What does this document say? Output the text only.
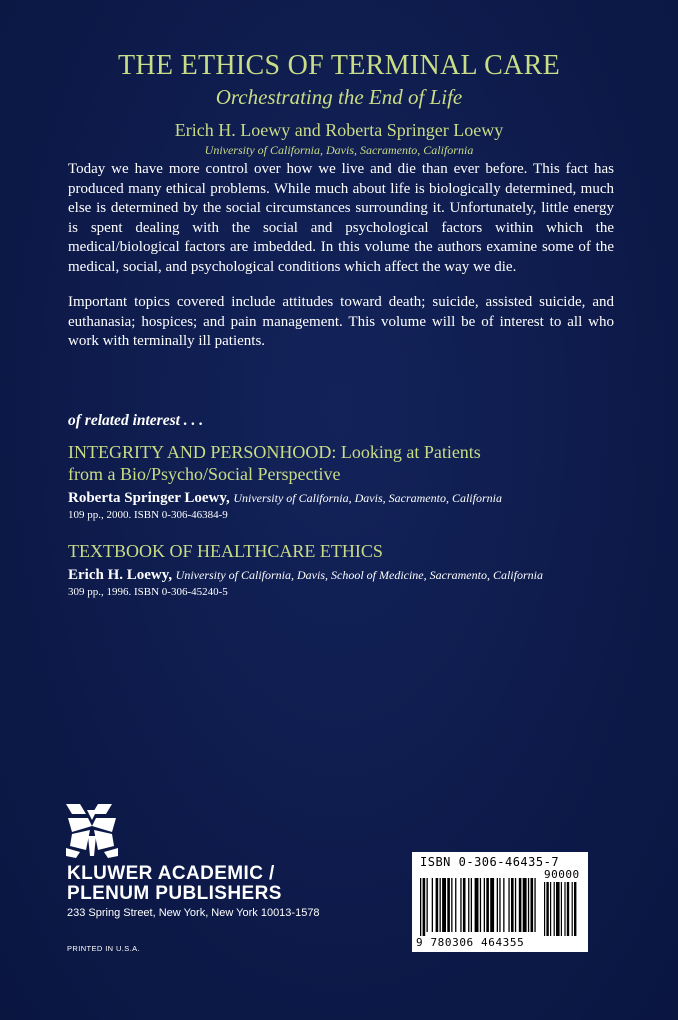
THE ETHICS OF TERMINAL CARE
Orchestrating the End of Life
Erich H. Loewy and Roberta Springer Loewy
University of California, Davis, Sacramento, California
Today we have more control over how we live and die than ever before. This fact has produced many ethical problems. While much about life is biologically determined, much else is determined by the social circumstances surrounding it. Unfortunately, little energy is spent dealing with the social and psychological factors within which the medical/biological factors are imbedded. In this volume the authors examine some of the medical, social, and psychological conditions which affect the way we die.
Important topics covered include attitudes toward death; suicide, assisted suicide, and euthanasia; hospices; and pain management. This volume will be of interest to all who work with terminally ill patients.
of related interest . . .
INTEGRITY AND PERSONHOOD: Looking at Patients
from a Bio/Psycho/Social Perspective
Roberta Springer Loewy, University of California, Davis, Sacramento, California
109 pp., 2000. ISBN 0-306-46384-9
TEXTBOOK OF HEALTHCARE ETHICS
Erich H. Loewy, University of California, Davis, School of Medicine, Sacramento, California
309 pp., 1996. ISBN 0-306-45240-5
KLUWER ACADEMIC /
PLENUM PUBLISHERS
233 Spring Street, New York, New York 10013-1578
PRINTED IN U.S.A.
ISBN 0-306-46435-7
90000
9 780306 464355
